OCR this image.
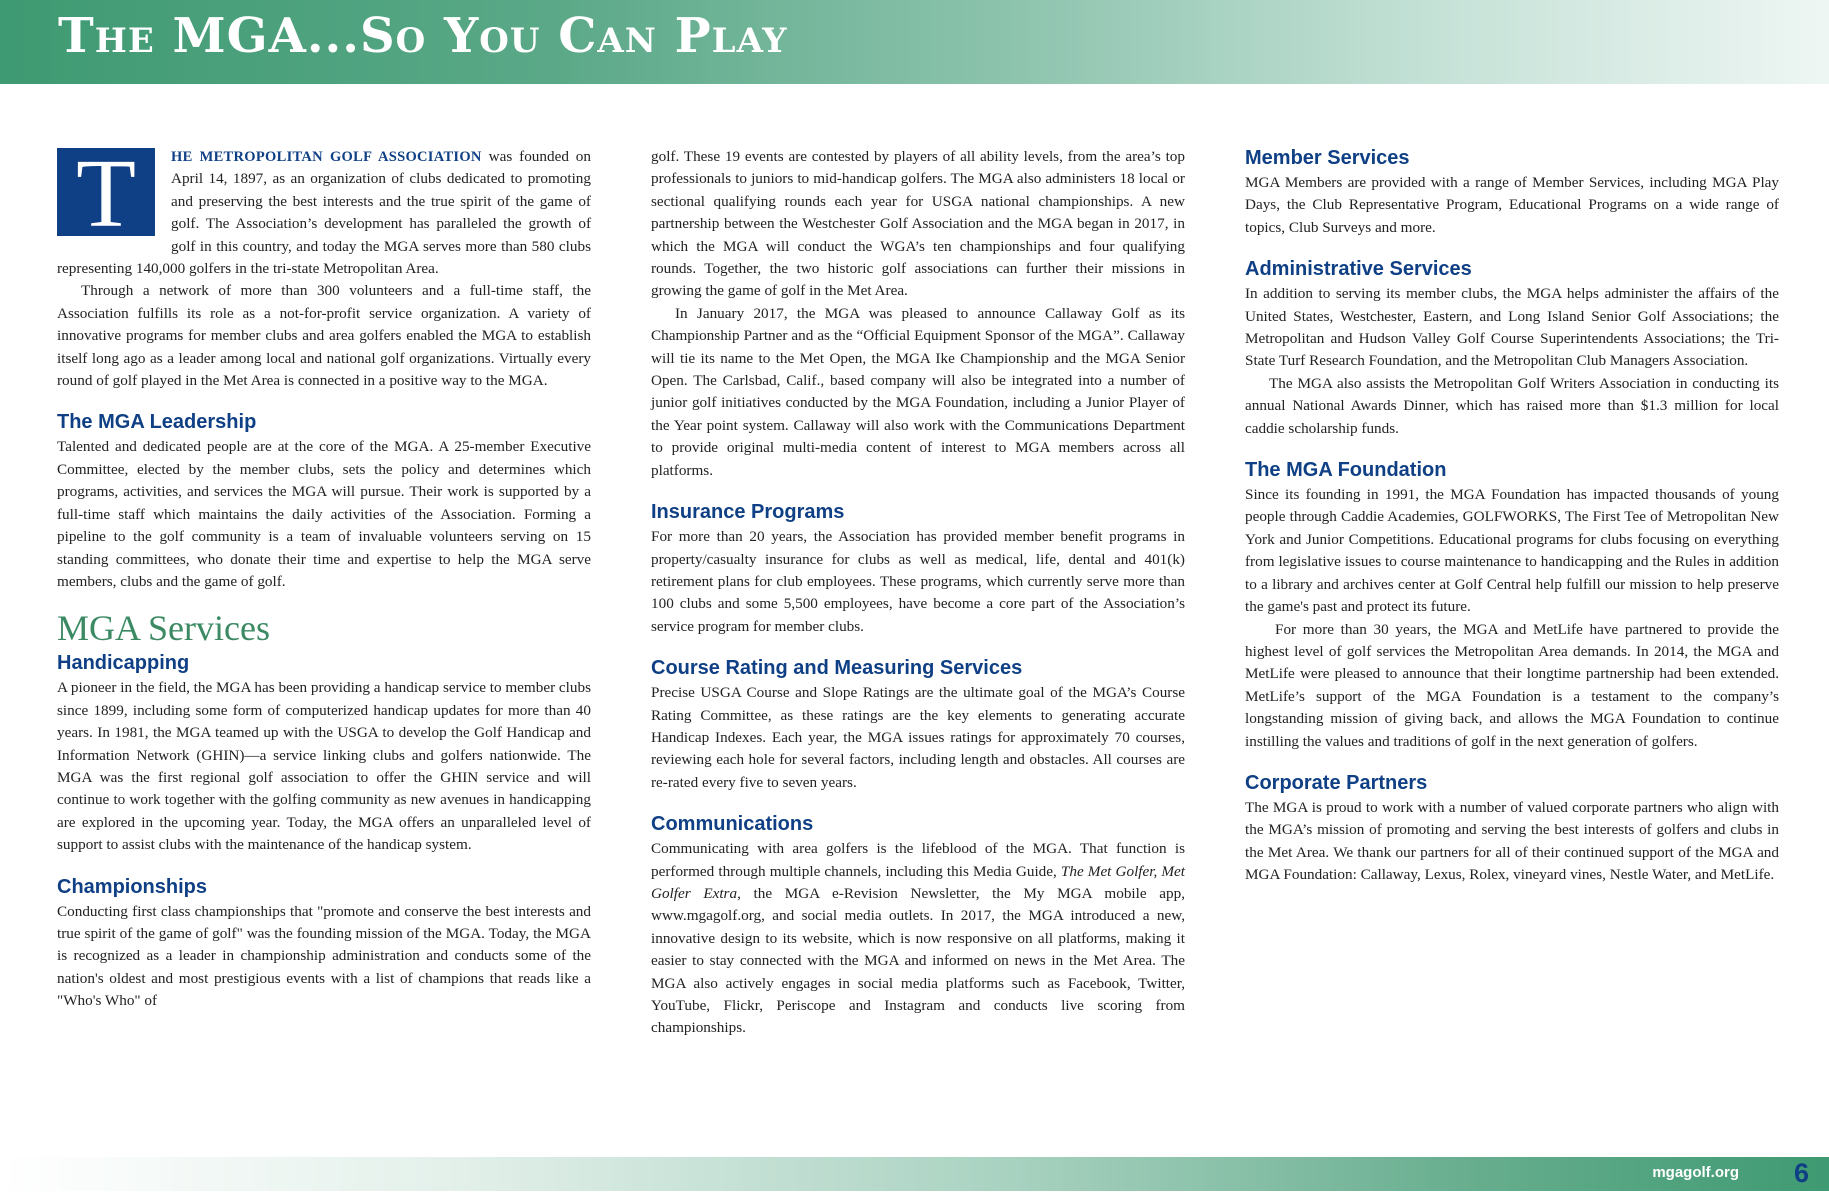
The MGA...So You Can Play

T	HE METROPOLITAN GOLF ASSOCIATION was founded on April 14, 1897, as an organization of clubs dedicated to promoting and preserving the best interests and the true spirit of the game of golf. The Association’s development has paralleled the growth of golf in this country, and today the MGA serves more than 580 clubs representing 140,000 golfers in the tri-state Metropolitan Area.

Through a network of more than 300 volunteers and a full-time staff, the Association fulfills its role as a not-for-profit service organization. A variety of innovative programs for member clubs and area golfers enabled the MGA to establish itself long ago as a leader among local and national golf organizations. Virtually every round of golf played in the Met Area is connected in a positive way to the MGA.

The MGA Leadership

Talented and dedicated people are at the core of the MGA. A 25-member Executive Committee, elected by the member clubs, sets the policy and determines which programs, activities, and services the MGA will pursue. Their work is supported by a full-time staff which maintains the daily activities of the Association. Forming a pipeline to the golf community is a team of invaluable volunteers serving on 15 standing committees, who donate their time and expertise to help the MGA serve members, clubs and the game of golf.

MGA Services
Handicapping

A pioneer in the field, the MGA has been providing a handicap service to member clubs since 1899, including some form of computerized handicap updates for more than 40 years. In 1981, the MGA teamed up with the USGA to develop the Golf Handicap and Information Network (GHIN)—a service linking clubs and golfers nationwide. The MGA was the first regional golf association to offer the GHIN service and will continue to work together with the golfing community as new avenues in handicapping are explored in the upcoming year. Today, the MGA offers an unparalleled level of support to assist clubs with the maintenance of the handicap system.

Championships

Conducting first class championships that "promote and conserve the best interests and true spirit of the game of golf" was the founding mission of the MGA. Today, the MGA is recognized as a leader in championship administration and conducts some of the nation's oldest and most prestigious events with a list of champions that reads like a "Who's Who" of

golf. These 19 events are contested by players of all ability levels, from the area’s top professionals to juniors to mid-handicap golfers. The MGA also administers 18 local or sectional qualifying rounds each year for USGA national championships. A new partnership between the Westchester Golf Association and the MGA began in 2017, in which the MGA will conduct the WGA’s ten championships and four qualifying rounds. Together, the two historic golf associations can further their missions in growing the game of golf in the Met Area.

In January 2017, the MGA was pleased to announce Callaway Golf as its Championship Partner and as the “Official Equipment Sponsor of the MGA”. Callaway will tie its name to the Met Open, the MGA Ike Championship and the MGA Senior Open. The Carlsbad, Calif., based company will also be integrated into a number of junior golf initiatives conducted by the MGA Foundation, including a Junior Player of the Year point system. Callaway will also work with the Communications Department to provide original multi-media content of interest to MGA members across all platforms.

Insurance Programs

For more than 20 years, the Association has provided member benefit programs in property/casualty insurance for clubs as well as medical, life, dental and 401(k) retirement plans for club employees. These programs, which currently serve more than 100 clubs and some 5,500 employees, have become a core part of the Association’s service program for member clubs.

Course Rating and Measuring Services

Precise USGA Course and Slope Ratings are the ultimate goal of the MGA’s Course Rating Committee, as these ratings are the key elements to generating accurate Handicap Indexes. Each year, the MGA issues ratings for approximately 70 courses, reviewing each hole for several factors, including length and obstacles. All courses are re-rated every five to seven years.

Communications

Communicating with area golfers is the lifeblood of the MGA. That function is performed through multiple channels, including this Media Guide, The Met Golfer, Met Golfer Extra, the MGA e-Revision Newsletter, the My MGA mobile app, www.mgagolf.org, and social media outlets. In 2017, the MGA introduced a new, innovative design to its website, which is now responsive on all platforms, making it easier to stay connected with the MGA and informed on news in the Met Area. The MGA also actively engages in social media platforms such as Facebook, Twitter, YouTube, Flickr, Periscope and Instagram and conducts live scoring from championships.

Member Services

MGA Members are provided with a range of Member Services, including MGA Play Days, the Club Representative Program, Educational Programs on a wide range of topics, Club Surveys and more.

Administrative Services

In addition to serving its member clubs, the MGA helps administer the affairs of the United States, Westchester, Eastern, and Long Island Senior Golf Associations; the Metropolitan and Hudson Valley Golf Course Superintendents Associations; the Tri-State Turf Research Foundation, and the Metropolitan Club Managers Association.

The MGA also assists the Metropolitan Golf Writers Association in conducting its annual National Awards Dinner, which has raised more than $1.3 million for local caddie scholarship funds.

The MGA Foundation

Since its founding in 1991, the MGA Foundation has impacted thousands of young people through Caddie Academies, GOLFWORKS, The First Tee of Metropolitan New York and Junior Competitions. Educational programs for clubs focusing on everything from legislative issues to course maintenance to handicapping and the Rules in addition to a library and archives center at Golf Central help fulfill our mission to help preserve the game's past and protect its future.

For more than 30 years, the MGA and MetLife have partnered to provide the highest level of golf services the Metropolitan Area demands. In 2014, the MGA and MetLife were pleased to announce that their longtime partnership had been extended. MetLife’s support of the MGA Foundation is a testament to the company’s longstanding mission of giving back, and allows the MGA Foundation to continue instilling the values and traditions of golf in the next generation of golfers.

Corporate Partners

The MGA is proud to work with a number of valued corporate partners who align with the MGA’s mission of promoting and serving the best interests of golfers and clubs in the Met Area. We thank our partners for all of their continued support of the MGA and MGA Foundation: Callaway, Lexus, Rolex, vineyard vines, Nestle Water, and MetLife.

mgagolf.org 6
